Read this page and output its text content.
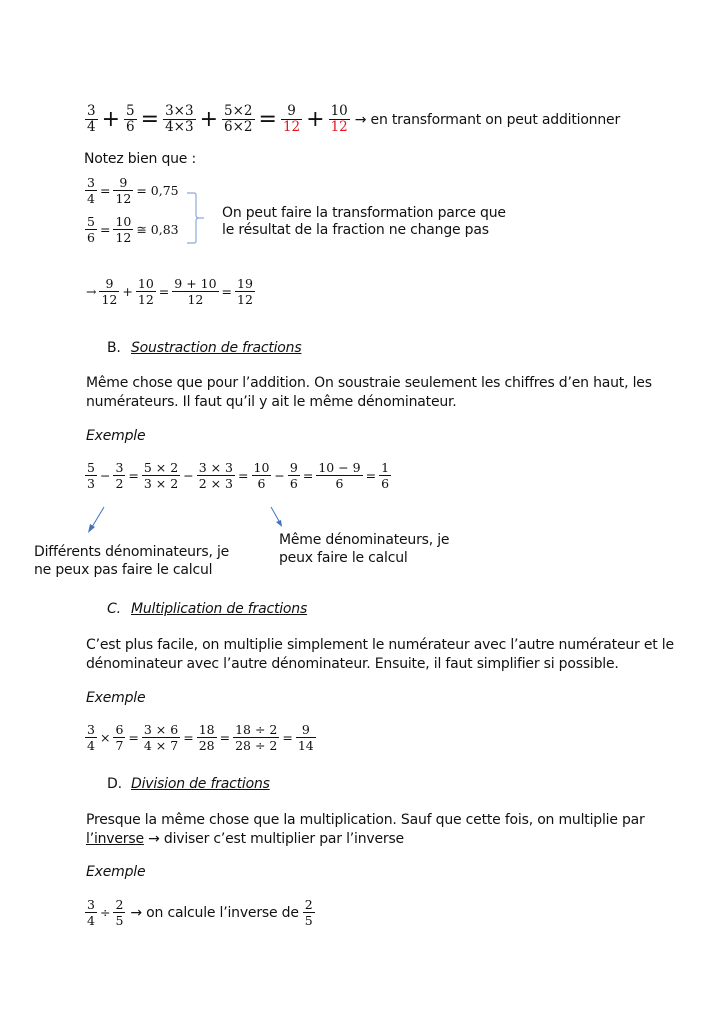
$\frac{3}{4} + \frac{5}{6} = \frac{3\times 3}{4\times 3} + \frac{5\times 2}{6\times 2} = \frac{9}{12} + \frac{10}{12}$ → en transformant on peut additionner
Notez bien que :
$\frac{3}{4} = \frac{9}{12} = 0,75$
$\frac{5}{6} = \frac{10}{12}$ ≅ 0,83
On peut faire la transformation parce que
le résultat de la fraction ne change pas
→ $\frac{9}{12} + \frac{10}{12} = \frac{9 + 10}{12} = \frac{19}{12}$
B. Soustraction de fractions
Même chose que pour l’addition. On soustraie seulement les chiffres d’en haut, les
numérateurs. Il faut qu’il y ait le même dénominateur.
Exemple
$\frac{5}{3} - \frac{3}{2} = \frac{5 \times 2}{3 \times 2} - \frac{3 \times 3}{2 \times 3} = \frac{10}{6} - \frac{9}{6} = \frac{10 - 9}{6} = \frac{1}{6}$
Différents dénominateurs, je
ne peux pas faire le calcul
Même dénominateurs, je
peux faire le calcul
C. Multiplication de fractions
C’est plus facile, on multiplie simplement le numérateur avec l’autre numérateur et le
dénominateur avec l’autre dénominateur. Ensuite, il faut simplifier si possible.
Exemple
$\frac{3}{4} \times \frac{6}{7} = \frac{3 \times 6}{4 \times 7} = \frac{18}{28} = \frac{18 \div 2}{28 \div 2} = \frac{9}{14}$
D. Division de fractions
Presque la même chose que la multiplication. Sauf que cette fois, on multiplie par
l’inverse → diviser c’est multiplier par l’inverse
Exemple
$\frac{3}{4} \div \frac{2}{5}$ → on calcule l’inverse de $\frac{2}{5}$
